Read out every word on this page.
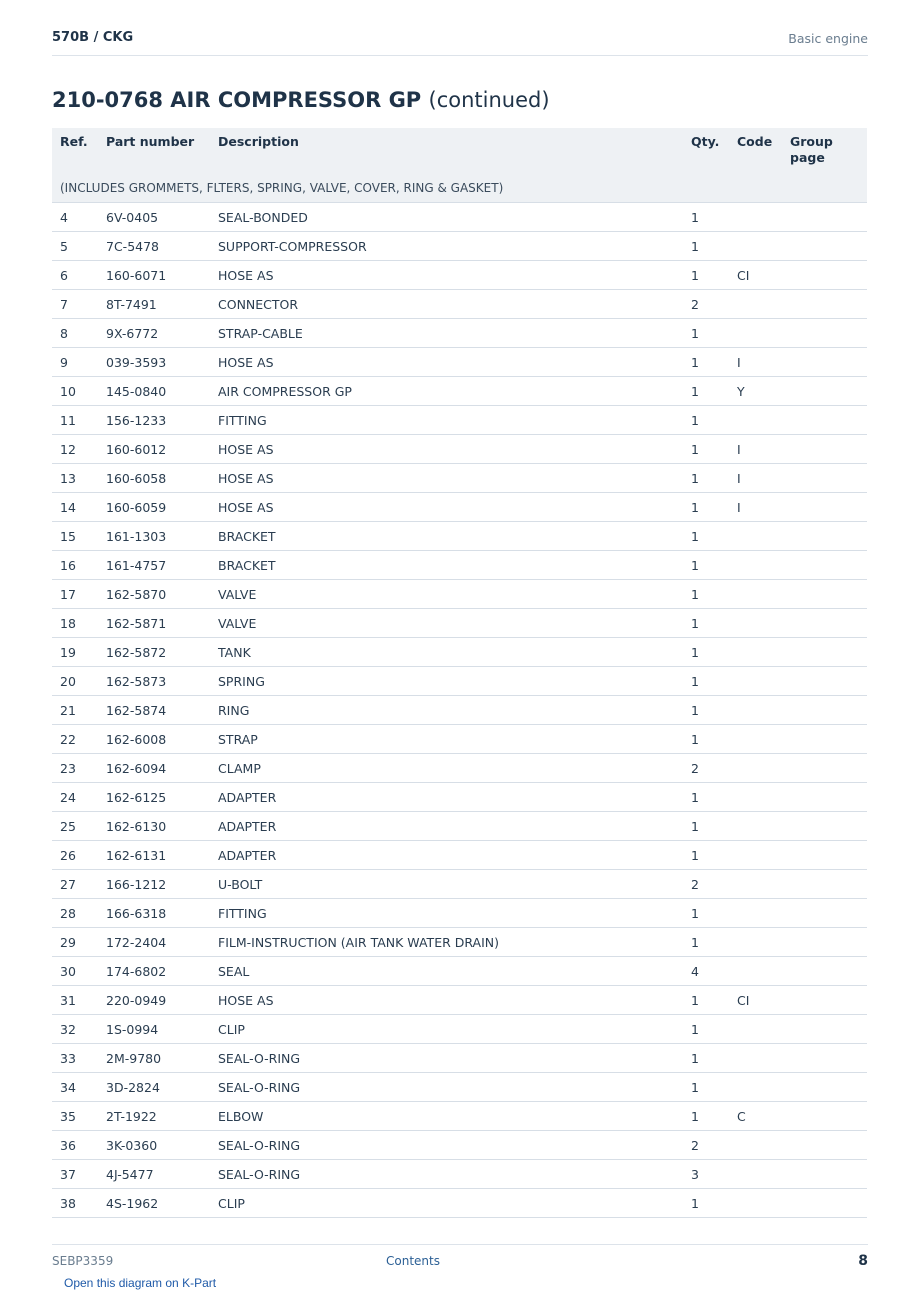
570B / CKG	Basic engine
210-0768 AIR COMPRESSOR GP (continued)
Ref.	Part number	Description	Qty.	Code	Group page
(INCLUDES GROMMETS, FLTERS, SPRING, VALVE, COVER, RING & GASKET)					
4	6V-0405	SEAL-BONDED	1		
5	7C-5478	SUPPORT-COMPRESSOR	1		
6	160-6071	HOSE AS	1	CI	
7	8T-7491	CONNECTOR	2		
8	9X-6772	STRAP-CABLE	1		
9	039-3593	HOSE AS	1	I	
10	145-0840	AIR COMPRESSOR GP	1	Y	
11	156-1233	FITTING	1		
12	160-6012	HOSE AS	1	I	
13	160-6058	HOSE AS	1	I	
14	160-6059	HOSE AS	1	I	
15	161-1303	BRACKET	1		
16	161-4757	BRACKET	1		
17	162-5870	VALVE	1		
18	162-5871	VALVE	1		
19	162-5872	TANK	1		
20	162-5873	SPRING	1		
21	162-5874	RING	1		
22	162-6008	STRAP	1		
23	162-6094	CLAMP	2		
24	162-6125	ADAPTER	1		
25	162-6130	ADAPTER	1		
26	162-6131	ADAPTER	1		
27	166-1212	U-BOLT	2		
28	166-6318	FITTING	1		
29	172-2404	FILM-INSTRUCTION (AIR TANK WATER DRAIN)	1		
30	174-6802	SEAL	4		
31	220-0949	HOSE AS	1	CI	
32	1S-0994	CLIP	1		
33	2M-9780	SEAL-O-RING	1		
34	3D-2824	SEAL-O-RING	1		
35	2T-1922	ELBOW	1	C	
36	3K-0360	SEAL-O-RING	2		
37	4J-5477	SEAL-O-RING	3		
38	4S-1962	CLIP	1		
SEBP3359	Contents	8
Open this diagram on K-Part
